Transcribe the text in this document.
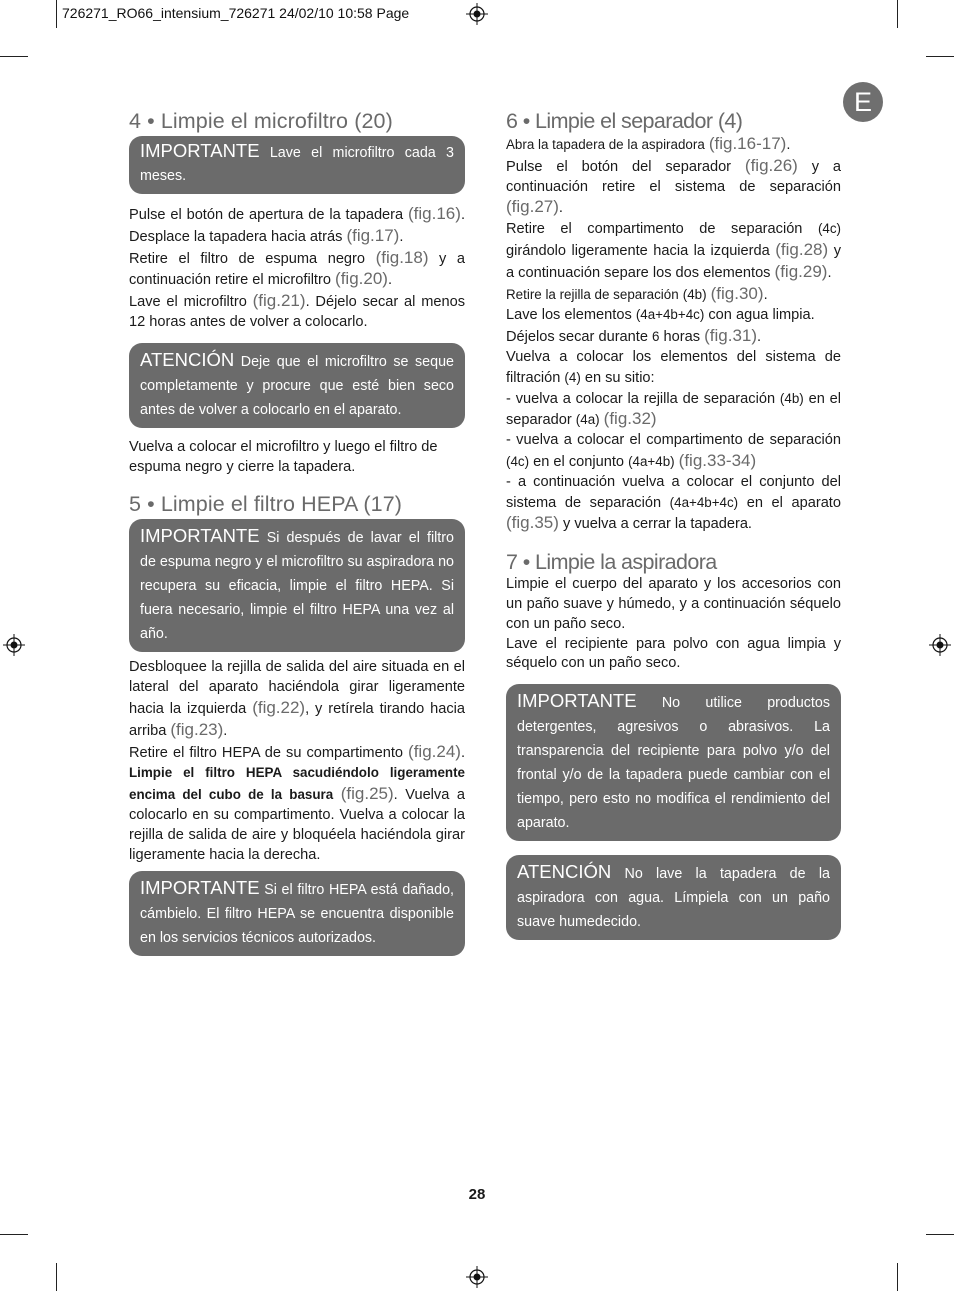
726271_RO66_intensium_726271 24/02/10 10:58 Page
E
4 • Limpie el microfiltro (20)
IMPORTANTE Lave el microfiltro cada 3 meses.

Pulse el botón de apertura de la tapadera (fig.16). Desplace la tapadera hacia atrás (fig.17).

Retire el filtro de espuma negro (fig.18) y a continuación retire el microfiltro (fig.20).

Lave el microfiltro (fig.21). Déjelo secar al menos 12 horas antes de volver a colocarlo.

ATENCIÓN Deje que el microfiltro se seque completamente y procure que esté bien seco antes de volver a colocarlo en el aparato.

Vuelva a colocar el microfiltro y luego el filtro de espuma negro y cierre la tapadera.

5 • Limpie el filtro HEPA (17)
IMPORTANTE Si después de lavar el filtro de espuma negro y el microfiltro su aspiradora no recupera su eficacia, limpie el filtro HEPA. Si fuera necesario, limpie el filtro HEPA una vez al año.

Desbloquee la rejilla de salida del aire situada en el lateral del aparato haciéndola girar ligeramente hacia la izquierda (fig.22), y retírela tirando hacia arriba (fig.23).

Retire el filtro HEPA de su compartimento (fig.24). Limpie el filtro HEPA sacudiéndolo ligeramente encima del cubo de la basura (fig.25). Vuelva a colocarlo en su compartimento. Vuelva a colocar la rejilla de salida de aire y bloquéela haciéndola girar ligeramente hacia la derecha.

IMPORTANTE Si el filtro HEPA está dañado, cámbielo. El filtro HEPA se encuentra disponible en los servicios técnicos autorizados.
6 • Limpie el separador (4)

Abra la tapadera de la aspiradora (fig.16-17).

Pulse el botón del separador (fig.26) y a continuación retire el sistema de separación (fig.27).

Retire el compartimento de separación (4c) girándolo ligeramente hacia la izquierda (fig.28) y a continuación separe los dos elementos (fig.29).

Retire la rejilla de separación (4b) (fig.30).

Lave los elementos (4a+4b+4c) con agua limpia.

Déjelos secar durante 6 horas (fig.31).

Vuelva a colocar los elementos del sistema de filtración (4) en su sitio:

- vuelva a colocar la rejilla de separación (4b) en el separador (4a) (fig.32)

- vuelva a colocar el compartimento de separación (4c) en el conjunto (4a+4b) (fig.33-34)

- a continuación vuelva a colocar el conjunto del sistema de separación (4a+4b+4c) en el aparato (fig.35) y vuelva a cerrar la tapadera.

7 • Limpie la aspiradora

Limpie el cuerpo del aparato y los accesorios con un paño suave y húmedo, y a continuación séquelo con un paño seco.

Lave el recipiente para polvo con agua limpia y séquelo con un paño seco.

IMPORTANTE No utilice productos detergentes, agresivos o abrasivos. La transparencia del recipiente para polvo y/o del frontal y/o de la tapadera puede cambiar con el tiempo, pero esto no modifica el rendimiento del aparato.
ATENCIÓN No lave la tapadera de la aspiradora con agua. Límpiela con un paño suave humedecido.
28
